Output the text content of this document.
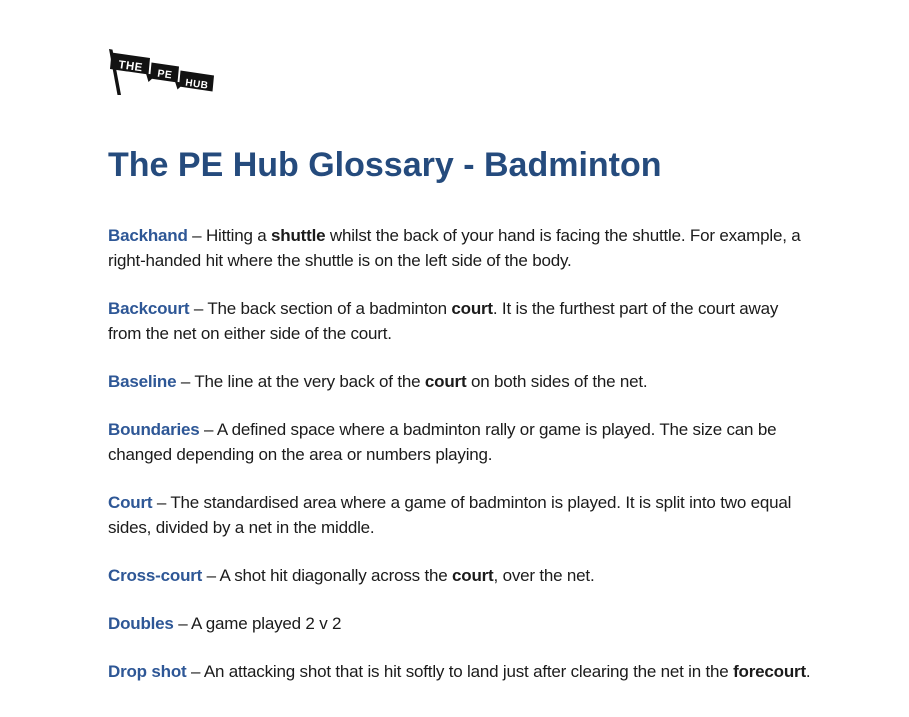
THE
PE
HUB
The PE Hub Glossary - Badminton

Backhand – Hitting a shuttle whilst the back of your hand is facing the shuttle. For example, a right-handed hit where the shuttle is on the left side of the body.

Backcourt – The back section of a badminton court. It is the furthest part of the court away from the net on either side of the court.

Baseline – The line at the very back of the court on both sides of the net.

Boundaries – A defined space where a badminton rally or game is played. The size can be changed depending on the area or numbers playing.

Court – The standardised area where a game of badminton is played. It is split into two equal sides, divided by a net in the middle.

Cross-court – A shot hit diagonally across the court, over the net.

Doubles – A game played 2 v 2

Drop shot – An attacking shot that is hit softly to land just after clearing the net in the forecourt.
